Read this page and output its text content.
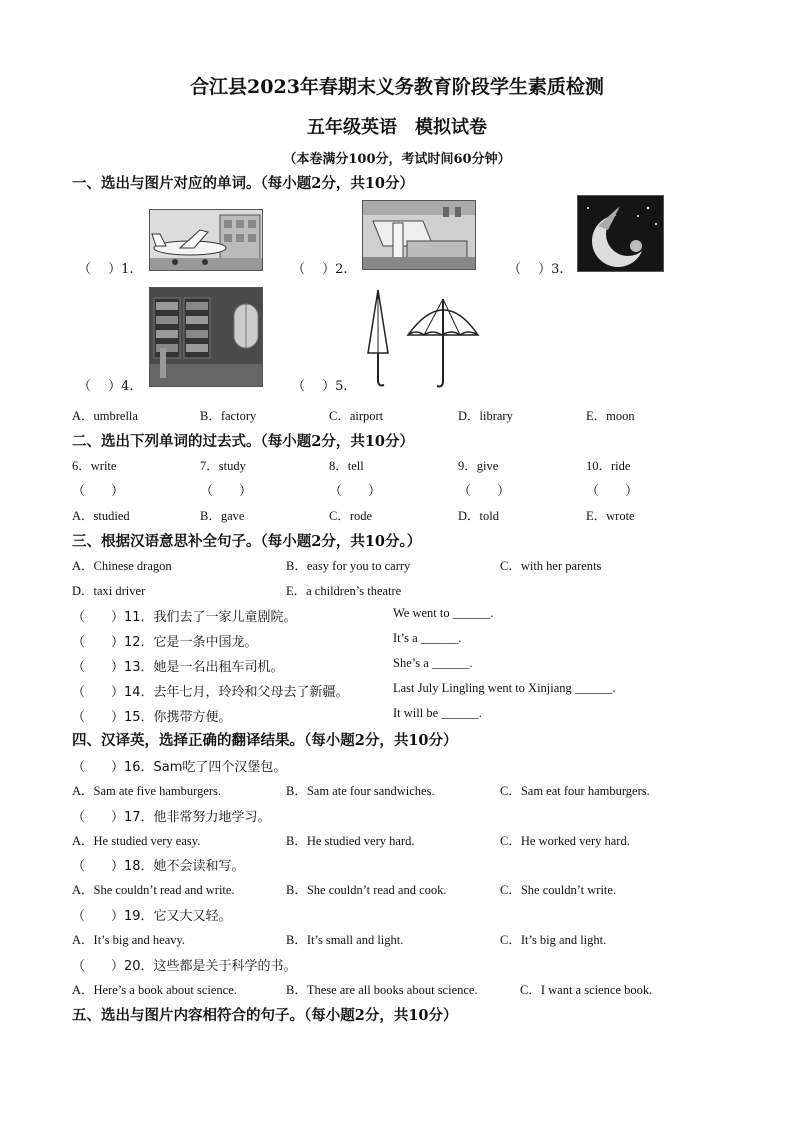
合江县2023年春期末义务教育阶段学生素质检测
五年级英语　模拟试卷
（本卷满分100分，考试时间60分钟）
一、选出与图片对应的单词。（每小题2分，共10分）
（　 ）1.	（　 ）2.	（　 ）3.
（　 ）4.	（　 ）5.
A．umbrella	B．factory	C．airport	D．library	E．moon
二、选出下列单词的过去式。（每小题2分，共10分）
6．write	7．study	8．tell	9．give	10．ride
（　　）	（　　）	（　　）	（　　）	（　　）
A．studied	B．gave	C．rode	D．told	E．wrote
三、根据汉语意思补全句子。（每小题2分，共10分。）
A．Chinese dragon	B．easy for you to carry	C．with her parents
D．taxi driver	E．a children’s theatre
（　　）11．我们去了一家儿童剧院。	We went to ______.
（　　）12．它是一条中国龙。	It’s a ______.
（　　）13．她是一名出租车司机。	She’s a ______.
（　　）14．去年七月，玲玲和父母去了新疆。	Last July Lingling went to Xinjiang ______.
（　　）15．你携带方便。	It will be ______.
四、汉译英，选择正确的翻译结果。（每小题2分，共10分）
（　　）16．Sam吃了四个汉堡包。
A．Sam ate five hamburgers.	B．Sam ate four sandwiches.	C．Sam eat four hamburgers.
（　　）17．他非常努力地学习。
A．He studied very easy.	B．He studied very hard.	C．He worked very hard.
（　　）18．她不会读和写。
A．She couldn’t read and write.	B．She couldn’t read and cook.	C．She couldn’t write.
（　　）19．它又大又轻。
A．It’s big and heavy.	B．It’s small and light.	C．It’s big and light.
（　　）20．这些都是关于科学的书。
A．Here’s a book about science.	B．These are all books about science.	C．I want a science book.
五、选出与图片内容相符合的句子。（每小题2分，共10分）
